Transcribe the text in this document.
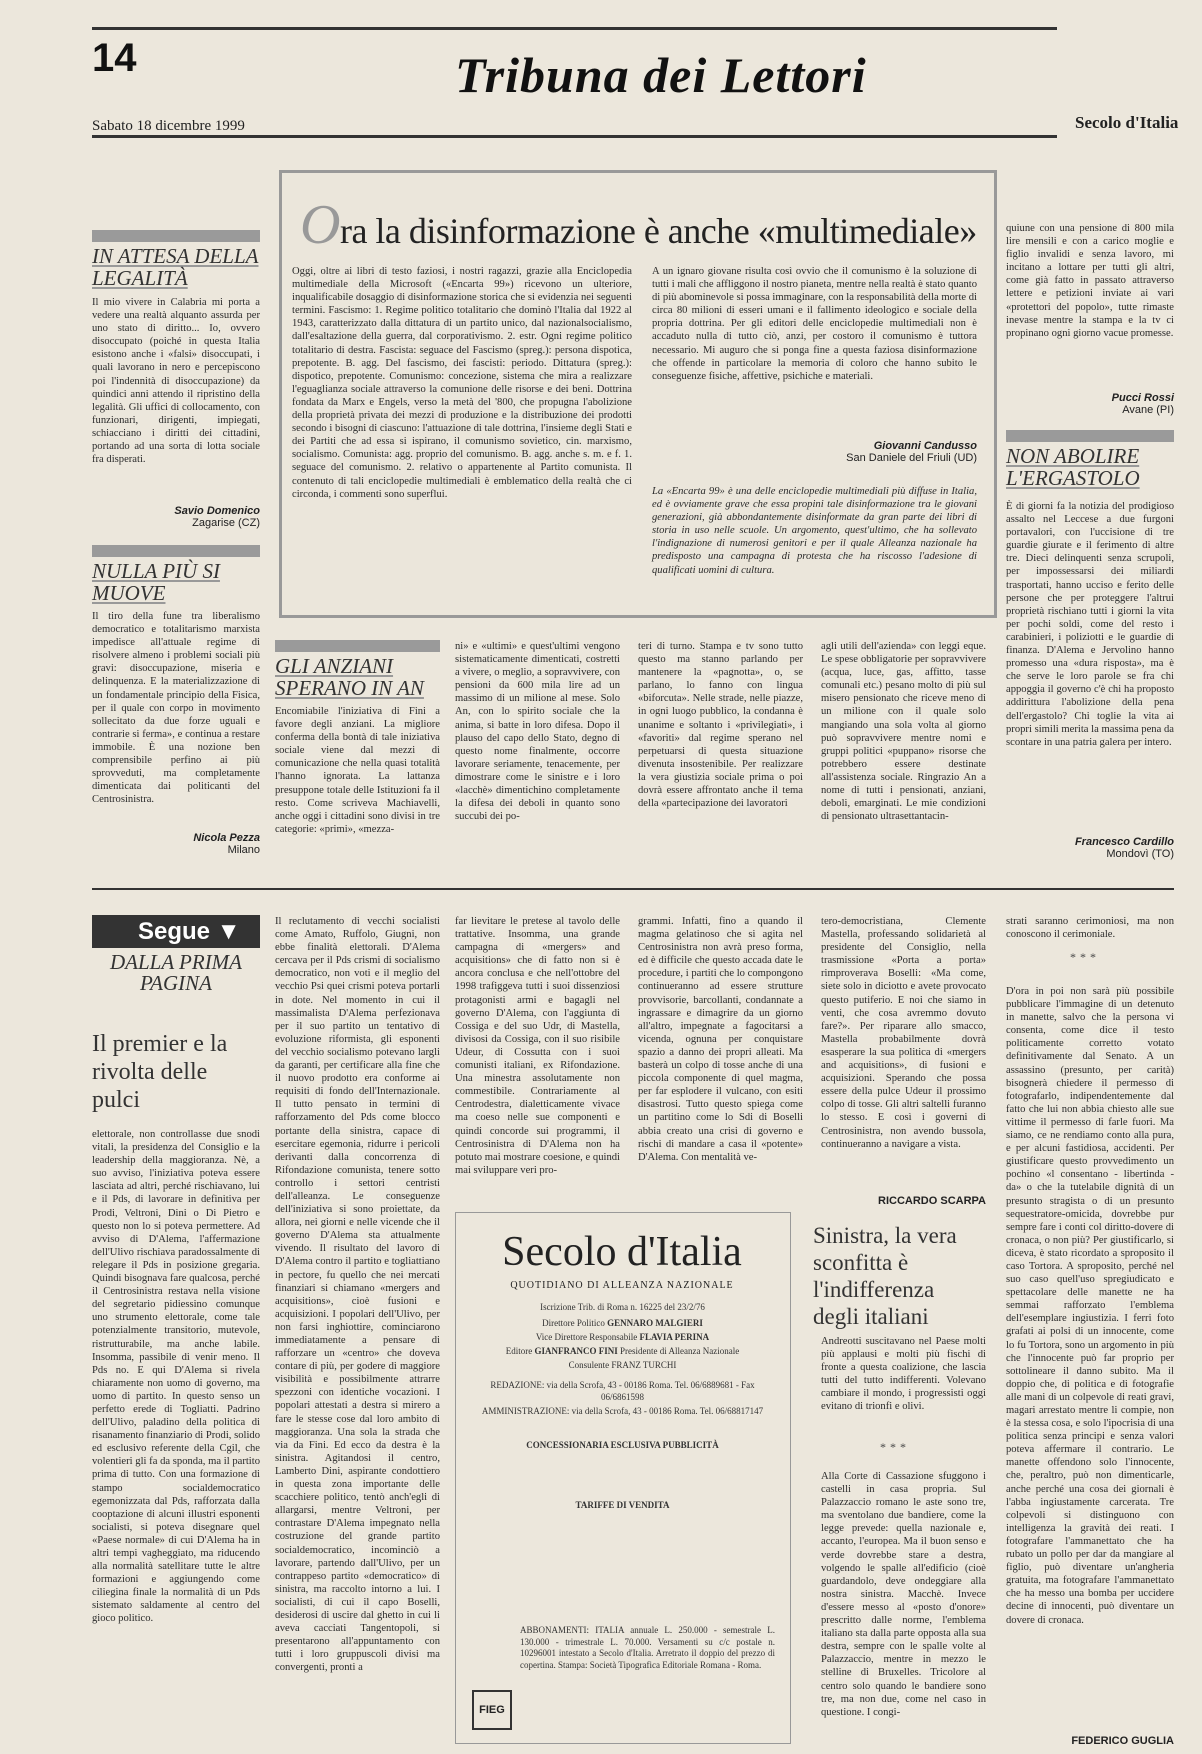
14	Tribuna dei Lettori
Sabato 18 dicembre 1999	Secolo d'Italia
IN ATTESA DELLA LEGALITÀ
Il mio vivere in Calabria mi porta a vedere una realtà alquanto assurda per uno stato di diritto... Io, ovvero disoccupato (poiché in questa Italia esistono anche i «falsi» disoccupati, i quali lavorano in nero e percepiscono poi l'indennità di disoccupazione) da quindici anni attendo il ripristino della legalità. Gli uffici di collocamento, con funzionari, dirigenti, impiegati, schiacciano i diritti dei cittadini, portando ad una sorta di lotta sociale fra disperati.
Savio Domenico
Zagarise (CZ)
NULLA PIÙ SI MUOVE
Il tiro della fune tra liberalismo democratico e totalitarismo marxista impedisce all'attuale regime di risolvere almeno i problemi sociali più gravi: disoccupazione, miseria e delinquenza. E la materializzazione di un fondamentale principio della Fisica, per il quale con corpo in movimento sollecitato da due forze uguali e contrarie si ferma», e continua a restare immobile. È una nozione ben comprensibile perfino ai più sprovveduti, ma completamente dimenticata dai politicanti del Centrosinistra.
Nicola Pezza
Milano
Ora la disinformazione è anche «multimediale»
Oggi, oltre ai libri di testo faziosi, i nostri ragazzi, grazie alla Enciclopedia multimediale della Microsoft («Encarta 99») ricevono un ulteriore, inqualificabile dosaggio di disinformazione storica che si evidenzia nei seguenti termini. Fascismo: 1. Regime politico totalitario che dominò l'Italia dal 1922 al 1943, caratterizzato dalla dittatura di un partito unico, dal nazionalsocialismo, dall'esaltazione della guerra, dal corporativismo. 2. estr. Ogni regime politico totalitario di destra. Fascista: seguace del Fascismo (spreg.): persona dispotica, prepotente. B. agg. Del fascismo, dei fascisti: periodo. Dittatura (spreg.): dispotico, prepotente. Comunismo: concezione, sistema che mira a realizzare l'eguaglianza sociale attraverso la comunione delle risorse e dei beni. Dottrina fondata da Marx e Engels, verso la metà del '800, che propugna l'abolizione della proprietà privata dei mezzi di produzione e la distribuzione dei prodotti secondo i bisogni di ciascuno: l'attuazione di tale dottrina, l'insieme degli Stati e dei Partiti che ad essa si ispirano, il comunismo sovietico, cin. marxismo, socialismo. Comunista: agg. proprio del comunismo. B. agg. anche s. m. e f. 1. seguace del comunismo. 2. relativo o appartenente al Partito comunista. Il contenuto di tali enciclopedie multimediali è emblematico della realtà che ci circonda, i commenti sono superflui.
A un ignaro giovane risulta così ovvio che il comunismo è la soluzione di tutti i mali che affliggono il nostro pianeta, mentre nella realtà è stato quanto di più abominevole si possa immaginare, con la responsabilità della morte di circa 80 milioni di esseri umani e il fallimento ideologico e sociale della propria dottrina. Per gli editori delle enciclopedie multimediali non è accaduto nulla di tutto ciò, anzi, per costoro il comunismo è tuttora necessario. Mi auguro che si ponga fine a questa faziosa disinformazione che offende in particolare la memoria di coloro che hanno subito le conseguenze fisiche, affettive, psichiche e materiali.
Giovanni Candusso
San Daniele del Friuli (UD)
La «Encarta 99» è una delle enciclopedie multimediali più diffuse in Italia, ed è ovviamente grave che essa propini tale disinformazione tra le giovani generazioni, già abbondantemente disinformate da gran parte dei libri di storia in uso nelle scuole. Un argomento, quest'ultimo, che ha sollevato l'indignazione di numerosi genitori e per il quale Alleanza nazionale ha predisposto una campagna di protesta che ha riscosso l'adesione di qualificati uomini di cultura.
quiune con una pensione di 800 mila lire mensili e con a carico moglie e figlio invalidi e senza lavoro, mi incitano a lottare per tutti gli altri, come già fatto in passato attraverso lettere e petizioni inviate ai vari «protettori del popolo», tutte rimaste inevase mentre la stampa e la tv ci propinano ogni giorno vacue promesse.
Pucci Rossi
Avane (PI)
NON ABOLIRE L'ERGASTOLO
È di giorni fa la notizia del prodigioso assalto nel Leccese a due furgoni portavalori, con l'uccisione di tre guardie giurate e il ferimento di altre tre. Dieci delinquenti senza scrupoli, per impossessarsi dei miliardi trasportati, hanno ucciso e ferito delle persone che per proteggere l'altrui proprietà rischiano tutti i giorni la vita per pochi soldi, come del resto i carabinieri, i poliziotti e le guardie di finanza. D'Alema e Jervolino hanno promesso una «dura risposta», ma è che serve le loro parole se fra chi appoggia il governo c'è chi ha proposto addirittura l'abolizione della pena dell'ergastolo? Chi toglie la vita ai propri simili merita la massima pena da scontare in una patria galera per intero.
Francesco Cardillo
Mondovì (TO)
GLI ANZIANI SPERANO IN AN
Encomiabile l'iniziativa di Fini a favore degli anziani. La migliore conferma della bontà di tale iniziativa sociale viene dal mezzi di comunicazione che nella quasi totalità l'hanno ignorata. La lattanza presuppone totale delle Istituzioni fa il resto. Come scriveva Machiavelli, anche oggi i cittadini sono divisi in tre categorie: «primi», «mezza-
ni» e «ultimi» e quest'ultimi vengono sistematicamente dimenticati, costretti a vivere, o meglio, a sopravvivere, con pensioni da 600 mila lire ad un massimo di un milione al mese. Solo An, con lo spirito sociale che la anima, si batte in loro difesa. Dopo il plauso del capo dello Stato, degno di questo nome finalmente, occorre lavorare seriamente, tenacemente, per dimostrare come le sinistre e i loro «lacchè» dimentichino completamente la difesa dei deboli in quanto sono succubi dei po-
teri di turno. Stampa e tv sono tutto questo ma stanno parlando per mantenere la «pagnotta», o, se parlano, lo fanno con lingua «biforcuta». Nelle strade, nelle piazze, in ogni luogo pubblico, la condanna è unanime e soltanto i «privilegiati», i «favoriti» dal regime sperano nel perpetuarsi di questa situazione divenuta insostenibile. Per realizzare la vera giustizia sociale prima o poi dovrà essere affrontato anche il tema della «partecipazione dei lavoratori
agli utili dell'azienda» con leggi eque. Le spese obbligatorie per sopravvivere (acqua, luce, gas, affitto, tasse comunali etc.) pesano molto di più sul misero pensionato che riceve meno di un milione con il quale solo mangiando una sola volta al giorno può sopravvivere mentre nomi e gruppi politici «puppano» risorse che potrebbero essere destinate all'assistenza sociale. Ringrazio An a nome di tutti i pensionati, anziani, deboli, emarginati. Le mie condizioni di pensionato ultrasettantacin-
Segue ▼
DALLA PRIMA PAGINA
Il premier e la rivolta delle pulci
elettorale, non controllasse due snodi vitali, la presidenza del Consiglio e la leadership della maggioranza. Nè, a suo avviso, l'iniziativa poteva essere lasciata ad altri, perché rischiavano, lui e il Pds, di lavorare in definitiva per Prodi, Veltroni, Dini o Di Pietro e questo non lo si poteva permettere. Ad avviso di D'Alema, l'affermazione dell'Ulivo rischiava paradossalmente di relegare il Pds in posizione gregaria. Quindi bisognava fare qualcosa, perché il Centrosinistra restava nella visione del segretario pidiessino comunque uno strumento elettorale, come tale potenzialmente transitorio, mutevole, ristrutturabile, ma anche labile. Insomma, passibile di venir meno. Il Pds no. E qui D'Alema si rivela chiaramente non uomo di governo, ma uomo di partito. In questo senso un perfetto erede di Togliatti. Padrino dell'Ulivo, paladino della politica di risanamento finanziario di Prodi, solido ed esclusivo referente della Cgil, che volentieri gli fa da sponda, ma il partito prima di tutto. Con una formazione di stampo socialdemocratico egemonizzata dal Pds, rafforzata dalla cooptazione di alcuni illustri esponenti socialisti, si poteva disegnare quel «Paese normale» di cui D'Alema ha in altri tempi vagheggiato, ma riducendo alla normalità satellitare tutte le altre formazioni e aggiungendo come ciliegina finale la normalità di un Pds sistemato saldamente al centro del gioco politico.
Il reclutamento di vecchi socialisti come Amato, Ruffolo, Giugni, non ebbe finalità elettorali. D'Alema cercava per il Pds crismi di socialismo democratico, non voti e il meglio del vecchio Psi quei crismi poteva portarli in dote. Nel momento in cui il massimalista D'Alema perfezionava per il suo partito un tentativo di evoluzione riformista, gli esponenti del vecchio socialismo potevano largli da garanti, per certificare alla fine che il nuovo prodotto era conforme ai requisiti di fondo dell'Internazionale. Il tutto pensato in termini di rafforzamento del Pds come blocco portante della sinistra, capace di esercitare egemonia, ridurre i pericoli derivanti dalla concorrenza di Rifondazione comunista, tenere sotto controllo i settori centristi dell'alleanza. Le conseguenze dell'iniziativa si sono proiettate, da allora, nei giorni e nelle vicende che il governo D'Alema sta attualmente vivendo. Il risultato del lavoro di D'Alema contro il partito e togliattiano in pectore, fu quello che nei mercati finanziari si chiamano «mergers and acquisitions», cioè fusioni e acquisizioni. I popolari dell'Ulivo, per non farsi inghiottire, cominciarono immediatamente a pensare di rafforzare un «centro» che doveva contare di più, per godere di maggiore visibilità e possibilmente attrarre spezzoni con identiche vocazioni. I popolari attestati a destra si mirero a fare le stesse cose dal loro ambito di maggioranza. Una sola la strada che via da Fini. Ed ecco da destra è la sinistra. Agitandosi il centro, Lamberto Dini, aspirante condottiero in questa zona importante delle scacchiere politico, tentò anch'egli di allargarsi, mentre Veltroni, per contrastare D'Alema impegnato nella costruzione del grande partito socialdemocratico, incominciò a lavorare, partendo dall'Ulivo, per un contrappeso partito «democratico» di sinistra, ma raccolto intorno a lui. I socialisti, di cui il capo Boselli, desiderosi di uscire dal ghetto in cui li aveva cacciati Tangentopoli, si presentarono all'appuntamento con tutti i loro gruppuscoli divisi ma convergenti, pronti a
far lievitare le pretese al tavolo delle trattative. Insomma, una grande campagna di «mergers» and acquisitions» che di fatto non si è ancora conclusa e che nell'ottobre del 1998 trafiggeva tutti i suoi dissenziosi protagonisti armi e bagagli nel governo D'Alema, con l'aggiunta di Cossiga e del suo Udr, di Mastella, divisosi da Cossiga, con il suo risibile Udeur, di Cossutta con i suoi comunisti italiani, ex Rifondazione. Una minestra assolutamente non commestibile. Contrariamente al Centrodestra, dialetticamente vivace ma coeso nelle sue componenti e quindi concorde sui programmi, il Centrosinistra di D'Alema non ha potuto mai mostrare coesione, e quindi mai sviluppare veri pro-
grammi. Infatti, fino a quando il magma gelatinoso che si agita nel Centrosinistra non avrà preso forma, ed è difficile che questo accada date le procedure, i partiti che lo compongono continueranno ad essere strutture provvisorie, barcollanti, condannate a ingrassare e dimagrire da un giorno all'altro, impegnate a fagocitarsi a vicenda, ognuna per conquistare spazio a danno dei propri alleati. Ma basterà un colpo di tosse anche di una piccola componente di quel magma, per far esplodere il vulcano, con esiti disastrosi. Tutto questo spiega come un partitino come lo Sdi di Boselli abbia creato una crisi di governo e rischi di mandare a casa il «potente» D'Alema. Con mentalità ve-
tero-democristiana, Clemente Mastella, professando solidarietà al presidente del Consiglio, nella trasmissione «Porta a porta» rimproverava Boselli: «Ma come, siete solo in diciotto e avete provocato questo putiferio. E noi che siamo in venti, che cosa avremmo dovuto fare?». Per riparare allo smacco, Mastella probabilmente dovrà esasperare la sua politica di «mergers and acquisitions», di fusioni e acquisizioni. Sperando che possa essere della pulce Udeur il prossimo colpo di tosse. Gli altri saltelli furanno lo stesso. E così i governi di Centrosinistra, non avendo bussola, continueranno a navigare a vista.
RICCARDO SCARPA
strati saranno cerimoniosi, ma non conoscono il cerimoniale.
***
D'ora in poi non sarà più possibile pubblicare l'immagine di un detenuto in manette, salvo che la persona vi consenta, come dice il testo politicamente corretto votato definitivamente dal Senato. A un assassino (presunto, per carità) bisognerà chiedere il permesso di fotografarlo, indipendentemente dal fatto che lui non abbia chiesto alle sue vittime il permesso di farle fuori. Ma siamo, ce ne rendiamo conto alla pura, e per alcuni fastidiosa, accidenti. Per giustificare questo provvedimento un pochino «l consentano - libertinda - da» o che la tutelabile dignità di un presunto stragista o di un presunto sequestratore-omicida, dovrebbe pur sempre fare i conti col diritto-dovere di cronaca, o non più? Per giustificarlo, si diceva, è stato ricordato a sproposito il caso Tortora. A sproposito, perché nel suo caso quell'uso spregiudicato e spettacolare delle manette ne ha semmai rafforzato l'emblema dell'esemplare ingiustizia. I ferri foto grafati ai polsi di un innocente, come lo fu Tortora, sono un argomento in più che l'innocente può far proprio per sottolineare il danno subito. Ma il doppio che, di politica e di fotografie alle mani di un colpevole di reati gravi, magari arrestato mentre li compie, non è la stessa cosa, e solo l'ipocrisia di una politica senza principi e senza valori poteva affermare il contrario. Le manette offendono solo l'innocente, che, peraltro, può non dimenticarle, anche perché una cosa dei giornali è l'abba ingiustamente carcerata. Tre colpevoli si distinguono con intelligenza la gravità dei reati. I fotografare l'ammanettato che ha rubato un pollo per dar da mangiare al figlio, può diventare un'angheria gratuita, ma fotografare l'ammanettato che ha messo una bomba per uccidere decine di innocenti, può diventare un dovere di cronaca.
FEDERICO GUGLIA
Sinistra, la vera sconfitta è l'indifferenza degli italiani
Andreotti suscitavano nel Paese molti più applausi e molti più fischi di fronte a questa coalizione, che lascia tutti del tutto indifferenti. Volevano cambiare il mondo, i progressisti oggi evitano di trionfi e olivi.
***
Alla Corte di Cassazione sfuggono i castelli in casa propria. Sul Palazzaccio romano le aste sono tre, ma sventolano due bandiere, come la legge prevede: quella nazionale e, accanto, l'europea. Ma il buon senso e verde dovrebbe stare a destra, volgendo le spalle all'edificio (cioè guardandolo, deve ondeggiare alla nostra sinistra. Macchè. Invece d'essere messo al «posto d'onore» prescritto dalle norme, l'emblema italiano sta dalla parte opposta alla sua destra, sempre con le spalle volte al Palazzaccio, mentre in mezzo le stelline di Bruxelles. Tricolore al centro solo quando le bandiere sono tre, ma non due, come nel caso in questione. I congi-
Secolo d'Italia
QUOTIDIANO DI ALLEANZA NAZIONALE
Iscrizione Trib. di Roma n. 16225 del 23/2/76
Direttore Politico GENNARO MALGIERI
Vice Direttore Responsabile FLAVIA PERINA
Editore GIANFRANCO FINI Presidente di Alleanza Nazionale
Consulente FRANZ TURCHI
REDAZIONE: via della Scrofa, 43 - 00186 Roma. Tel. 06/6889681 - Fax 06/6861598
AMMINISTRAZIONE: via della Scrofa, 43 - 00186 Roma. Tel. 06/68817147
CONCESSIONARIA ESCLUSIVA PUBBLICITÀ
TARIFFE DI VENDITA
ABBONAMENTI: ITALIA annuale L. 250.000 - semestrale L. 130.000 - trimestrale L. 70.000. Versamenti su c/c postale n. 10296001 intestato a Secolo d'Italia. Arretrato il doppio del prezzo di copertina. Stampa: Società Tipografica Editoriale Romana - Roma.
FIEG
